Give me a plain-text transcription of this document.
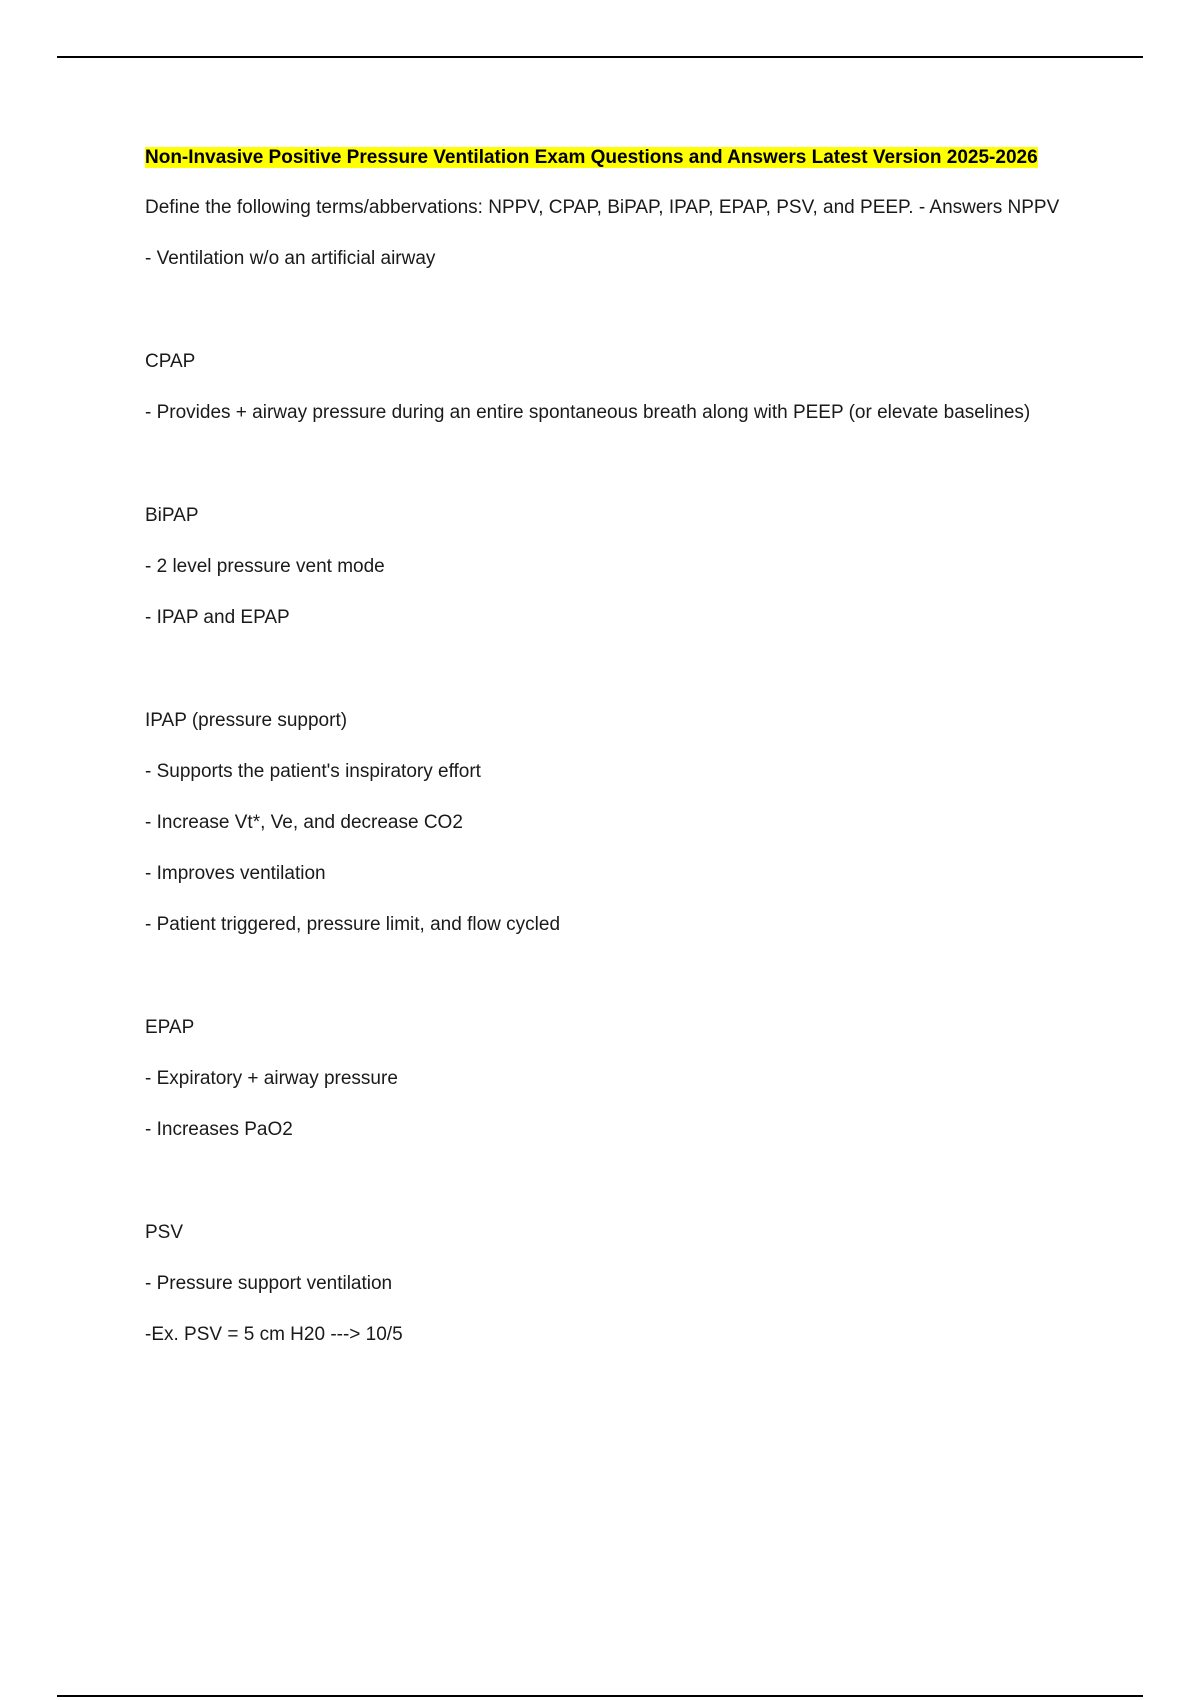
Non-Invasive Positive Pressure Ventilation Exam Questions and Answers Latest Version 2025-2026
Define the following terms/abbervations: NPPV, CPAP, BiPAP, IPAP, EPAP, PSV, and PEEP. - Answers NPPV
- Ventilation w/o an artificial airway
CPAP
- Provides + airway pressure during an entire spontaneous breath along with PEEP (or elevate baselines)
BiPAP
- 2 level pressure vent mode
- IPAP and EPAP
IPAP (pressure support)
- Supports the patient's inspiratory effort
- Increase Vt*, Ve, and decrease CO2
- Improves ventilation
- Patient triggered, pressure limit, and flow cycled
EPAP
- Expiratory + airway pressure
- Increases PaO2
PSV
- Pressure support ventilation
-Ex. PSV = 5 cm H20 ---> 10/5
